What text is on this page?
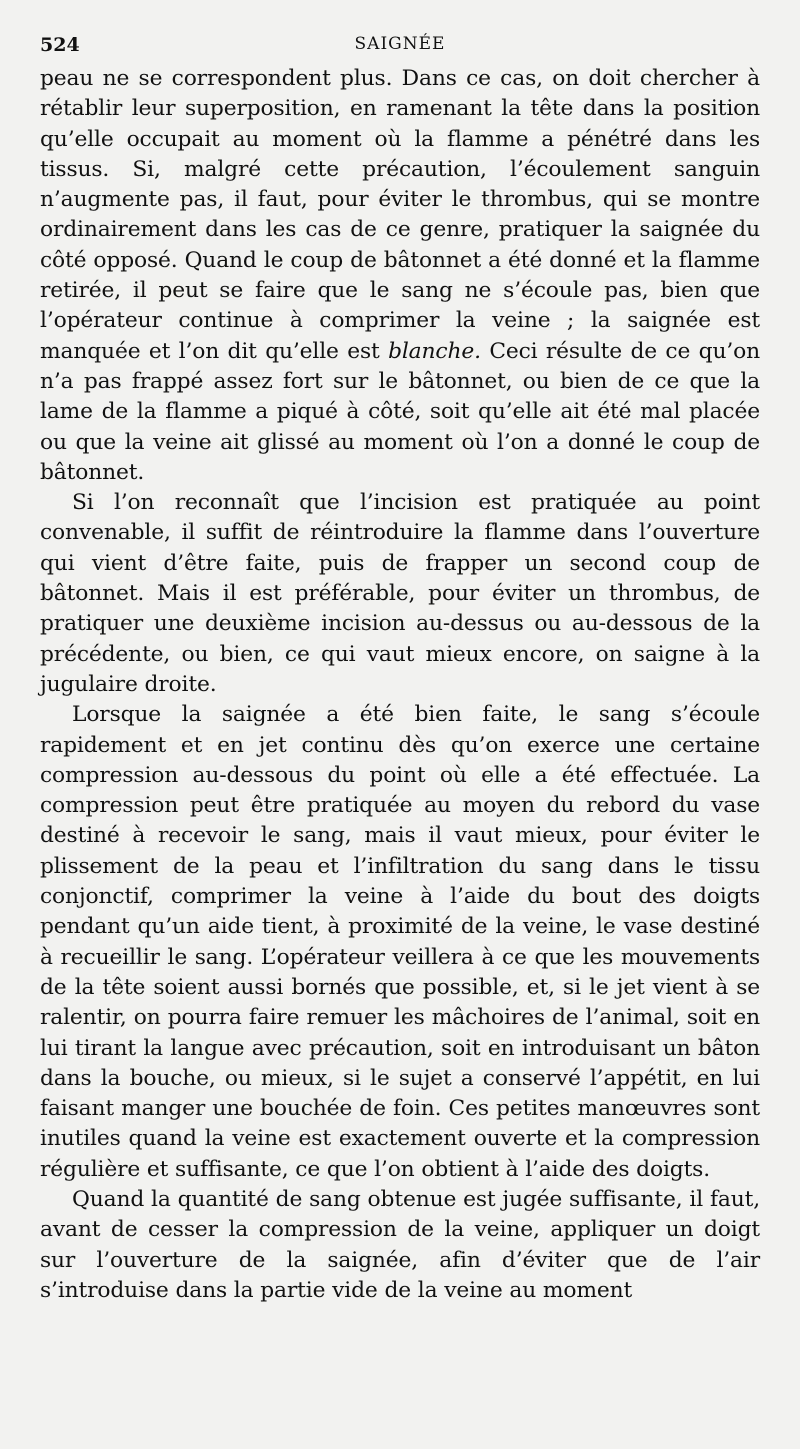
524	SAIGNÉE

peau ne se correspondent plus. Dans ce cas, on doit chercher à rétablir leur superposition, en ramenant la tête dans la position qu’elle occupait au moment où la flamme a pénétré dans les tissus. Si, malgré cette précaution, l’écoulement sanguin n’augmente pas, il faut, pour éviter le thrombus, qui se montre ordinairement dans les cas de ce genre, pratiquer la saignée du côté opposé. Quand le coup de bâtonnet a été donné et la flamme retirée, il peut se faire que le sang ne s’écoule pas, bien que l’opérateur continue à comprimer la veine ; la saignée est manquée et l’on dit qu’elle est blanche. Ceci résulte de ce qu’on n’a pas frappé assez fort sur le bâtonnet, ou bien de ce que la lame de la flamme a piqué à côté, soit qu’elle ait été mal placée ou que la veine ait glissé au moment où l’on a donné le coup de bâtonnet.

Si l’on reconnaît que l’incision est pratiquée au point convenable, il suffit de réintroduire la flamme dans l’ouverture qui vient d’être faite, puis de frapper un second coup de bâtonnet. Mais il est préférable, pour éviter un thrombus, de pratiquer une deuxième incision au-dessus ou au-dessous de la précédente, ou bien, ce qui vaut mieux encore, on saigne à la jugulaire droite.

Lorsque la saignée a été bien faite, le sang s’écoule rapidement et en jet continu dès qu’on exerce une certaine compression au-dessous du point où elle a été effectuée. La compression peut être pratiquée au moyen du rebord du vase destiné à recevoir le sang, mais il vaut mieux, pour éviter le plissement de la peau et l’infiltration du sang dans le tissu conjonctif, comprimer la veine à l’aide du bout des doigts pendant qu’un aide tient, à proximité de la veine, le vase destiné à recueillir le sang. L’opérateur veillera à ce que les mouvements de la tête soient aussi bornés que possible, et, si le jet vient à se ralentir, on pourra faire remuer les mâchoires de l’animal, soit en lui tirant la langue avec précaution, soit en introduisant un bâton dans la bouche, ou mieux, si le sujet a conservé l’appétit, en lui faisant manger une bouchée de foin. Ces petites manœuvres sont inutiles quand la veine est exactement ouverte et la compression régulière et suffisante, ce que l’on obtient à l’aide des doigts.

Quand la quantité de sang obtenue est jugée suffisante, il faut, avant de cesser la compression de la veine, appliquer un doigt sur l’ouverture de la saignée, afin d’éviter que de l’air s’introduise dans la partie vide de la veine au moment
